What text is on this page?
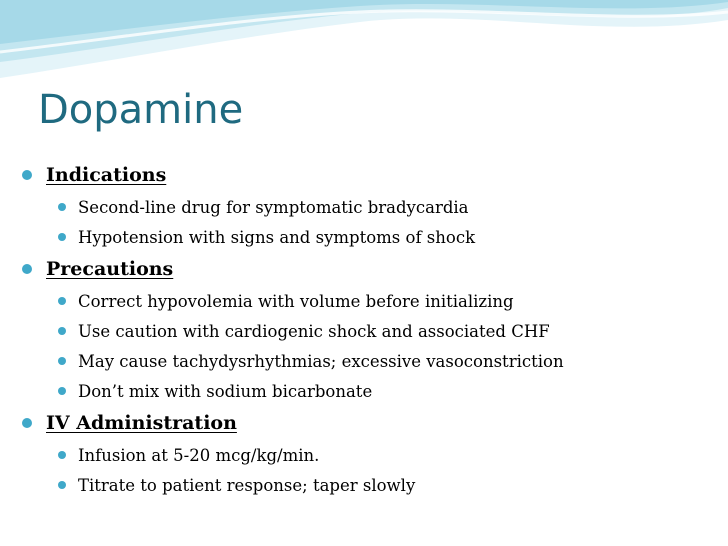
Dopamine
Indications
Second-line drug for symptomatic bradycardia
Hypotension with signs and symptoms of shock
Precautions
Correct hypovolemia with volume before initializing
Use caution with cardiogenic shock and associated CHF
May cause tachydysrhythmias; excessive vasoconstriction
Don’t mix with sodium bicarbonate
IV Administration
Infusion at 5-20 mcg/kg/min.
Titrate to patient response; taper slowly
